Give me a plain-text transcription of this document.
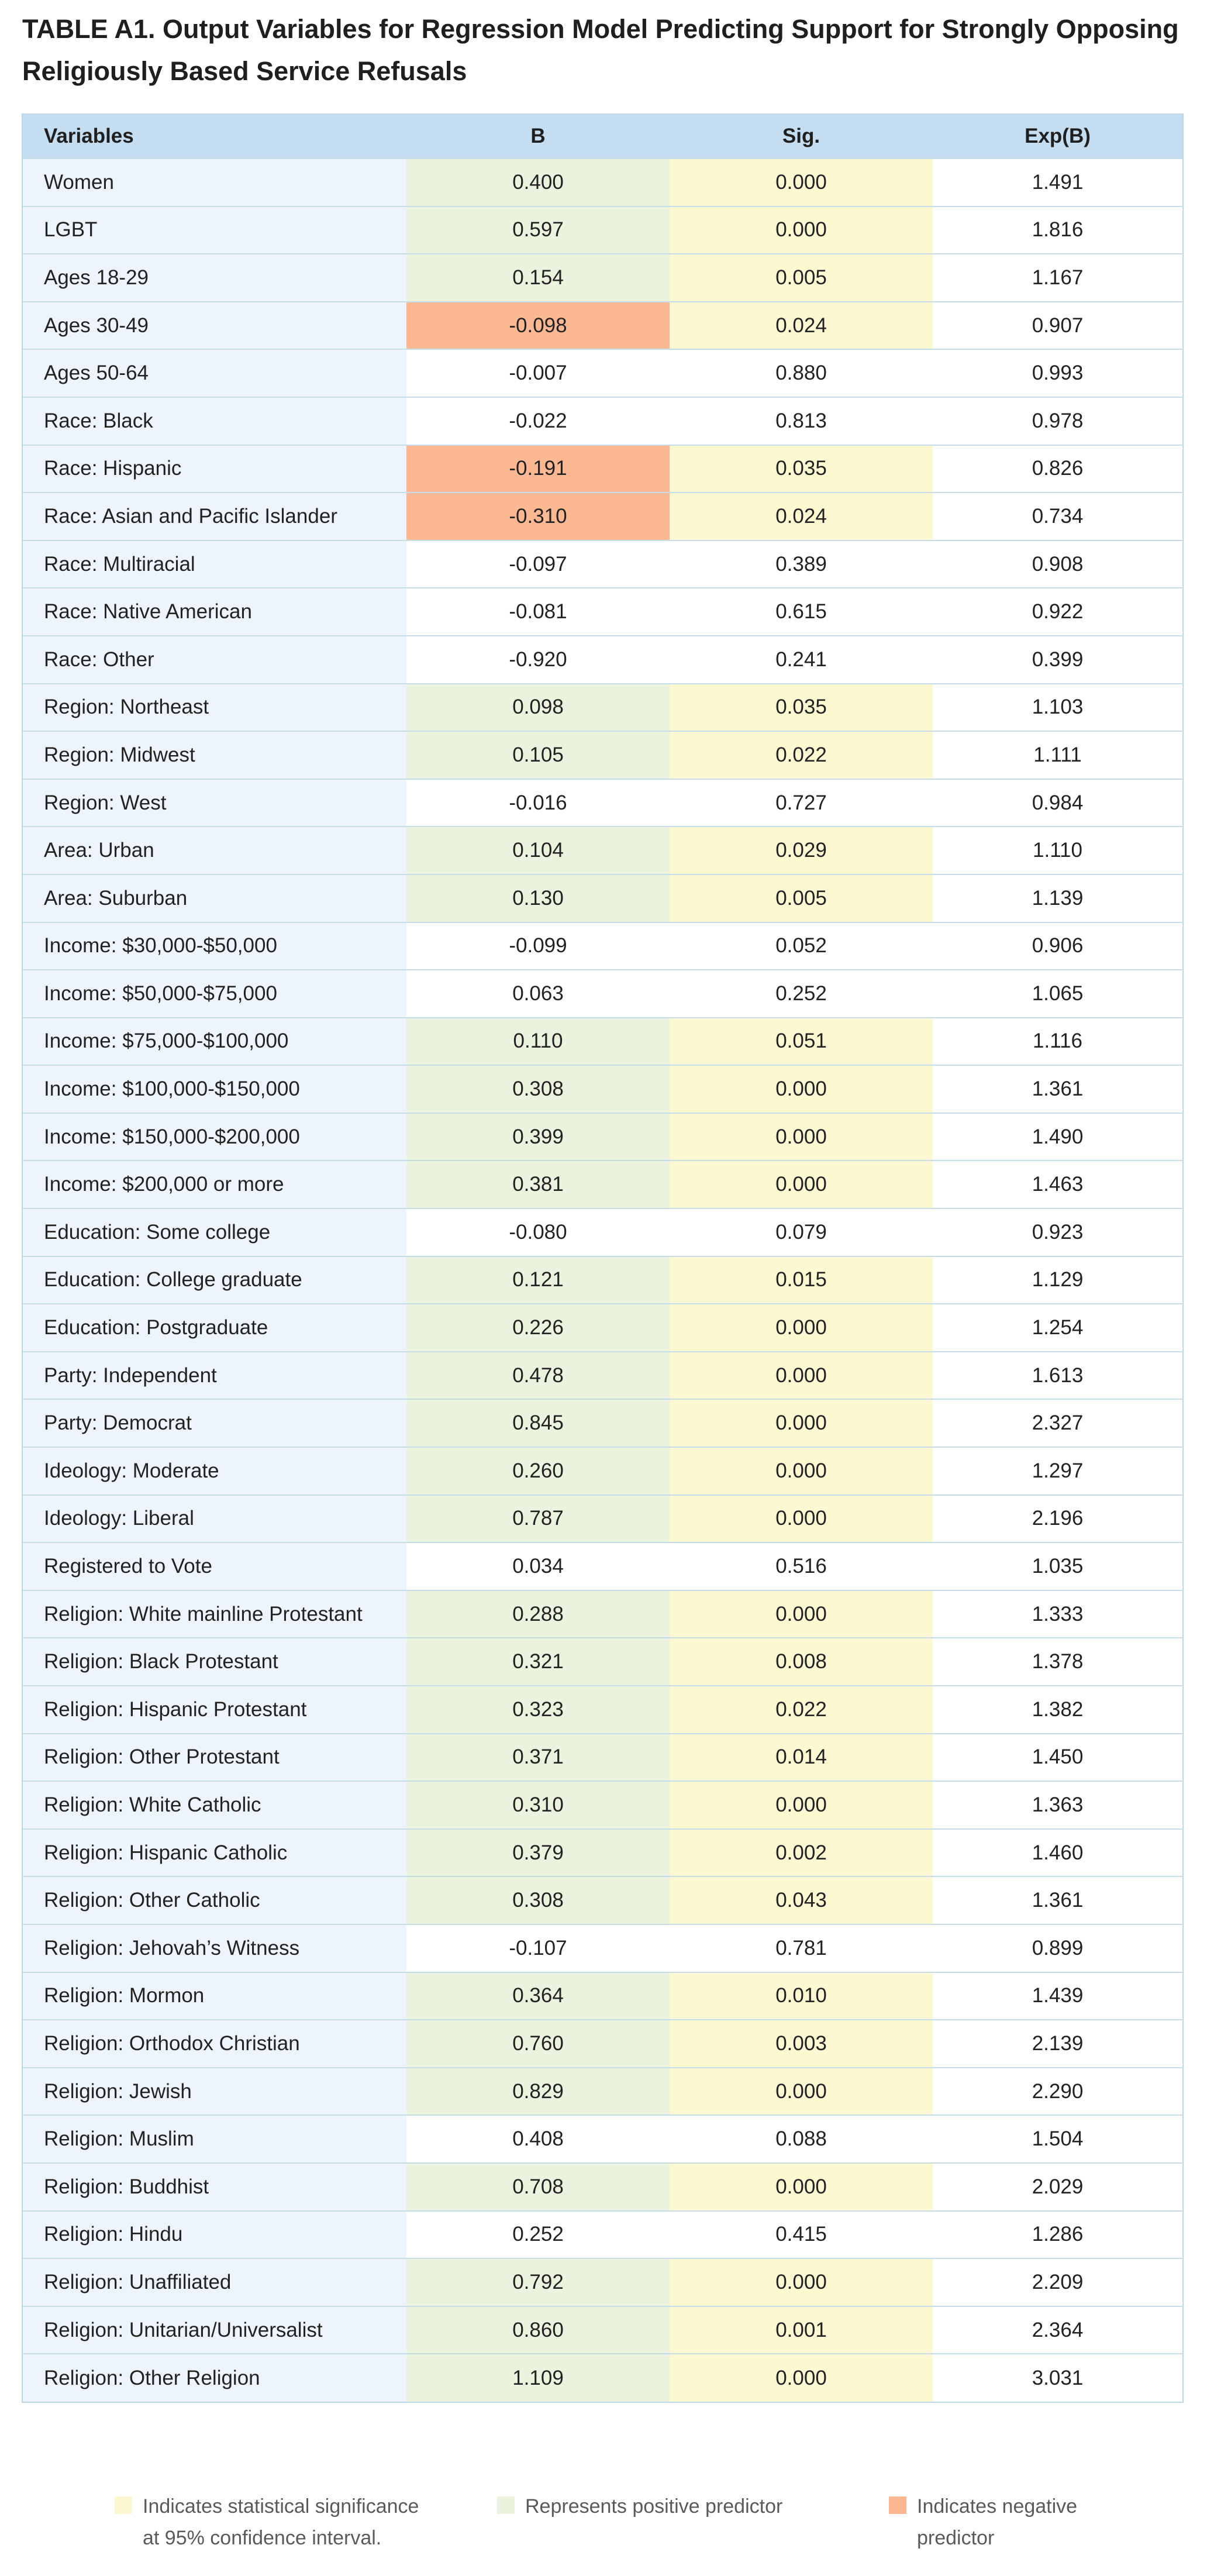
TABLE A1. Output Variables for Regression Model Predicting Support for Strongly Opposing Religiously Based Service Refusals
Variables	B	Sig.	Exp(B)
Women	0.400	0.000	1.491
LGBT	0.597	0.000	1.816
Ages 18-29	0.154	0.005	1.167
Ages 30-49	-0.098	0.024	0.907
Ages 50-64	-0.007	0.880	0.993
Race: Black	-0.022	0.813	0.978
Race: Hispanic	-0.191	0.035	0.826
Race: Asian and Pacific Islander	-0.310	0.024	0.734
Race: Multiracial	-0.097	0.389	0.908
Race: Native American	-0.081	0.615	0.922
Race: Other	-0.920	0.241	0.399
Region: Northeast	0.098	0.035	1.103
Region: Midwest	0.105	0.022	1.111
Region: West	-0.016	0.727	0.984
Area: Urban	0.104	0.029	1.110
Area: Suburban	0.130	0.005	1.139
Income: $30,000-$50,000	-0.099	0.052	0.906
Income: $50,000-$75,000	0.063	0.252	1.065
Income: $75,000-$100,000	0.110	0.051	1.116
Income: $100,000-$150,000	0.308	0.000	1.361
Income: $150,000-$200,000	0.399	0.000	1.490
Income: $200,000 or more	0.381	0.000	1.463
Education: Some college	-0.080	0.079	0.923
Education: College graduate	0.121	0.015	1.129
Education: Postgraduate	0.226	0.000	1.254
Party: Independent	0.478	0.000	1.613
Party: Democrat	0.845	0.000	2.327
Ideology: Moderate	0.260	0.000	1.297
Ideology: Liberal	0.787	0.000	2.196
Registered to Vote	0.034	0.516	1.035
Religion: White mainline Protestant	0.288	0.000	1.333
Religion: Black Protestant	0.321	0.008	1.378
Religion: Hispanic Protestant	0.323	0.022	1.382
Religion: Other Protestant	0.371	0.014	1.450
Religion: White Catholic	0.310	0.000	1.363
Religion: Hispanic Catholic	0.379	0.002	1.460
Religion: Other Catholic	0.308	0.043	1.361
Religion: Jehovah’s Witness	-0.107	0.781	0.899
Religion: Mormon	0.364	0.010	1.439
Religion: Orthodox Christian	0.760	0.003	2.139
Religion: Jewish	0.829	0.000	2.290
Religion: Muslim	0.408	0.088	1.504
Religion: Buddhist	0.708	0.000	2.029
Religion: Hindu	0.252	0.415	1.286
Religion: Unaffiliated	0.792	0.000	2.209
Religion: Unitarian/Universalist	0.860	0.001	2.364
Religion: Other Religion	1.109	0.000	3.031
Indicates statistical significance
at 95% confidence interval.
Represents positive predictor	Indicates negative
predictor
